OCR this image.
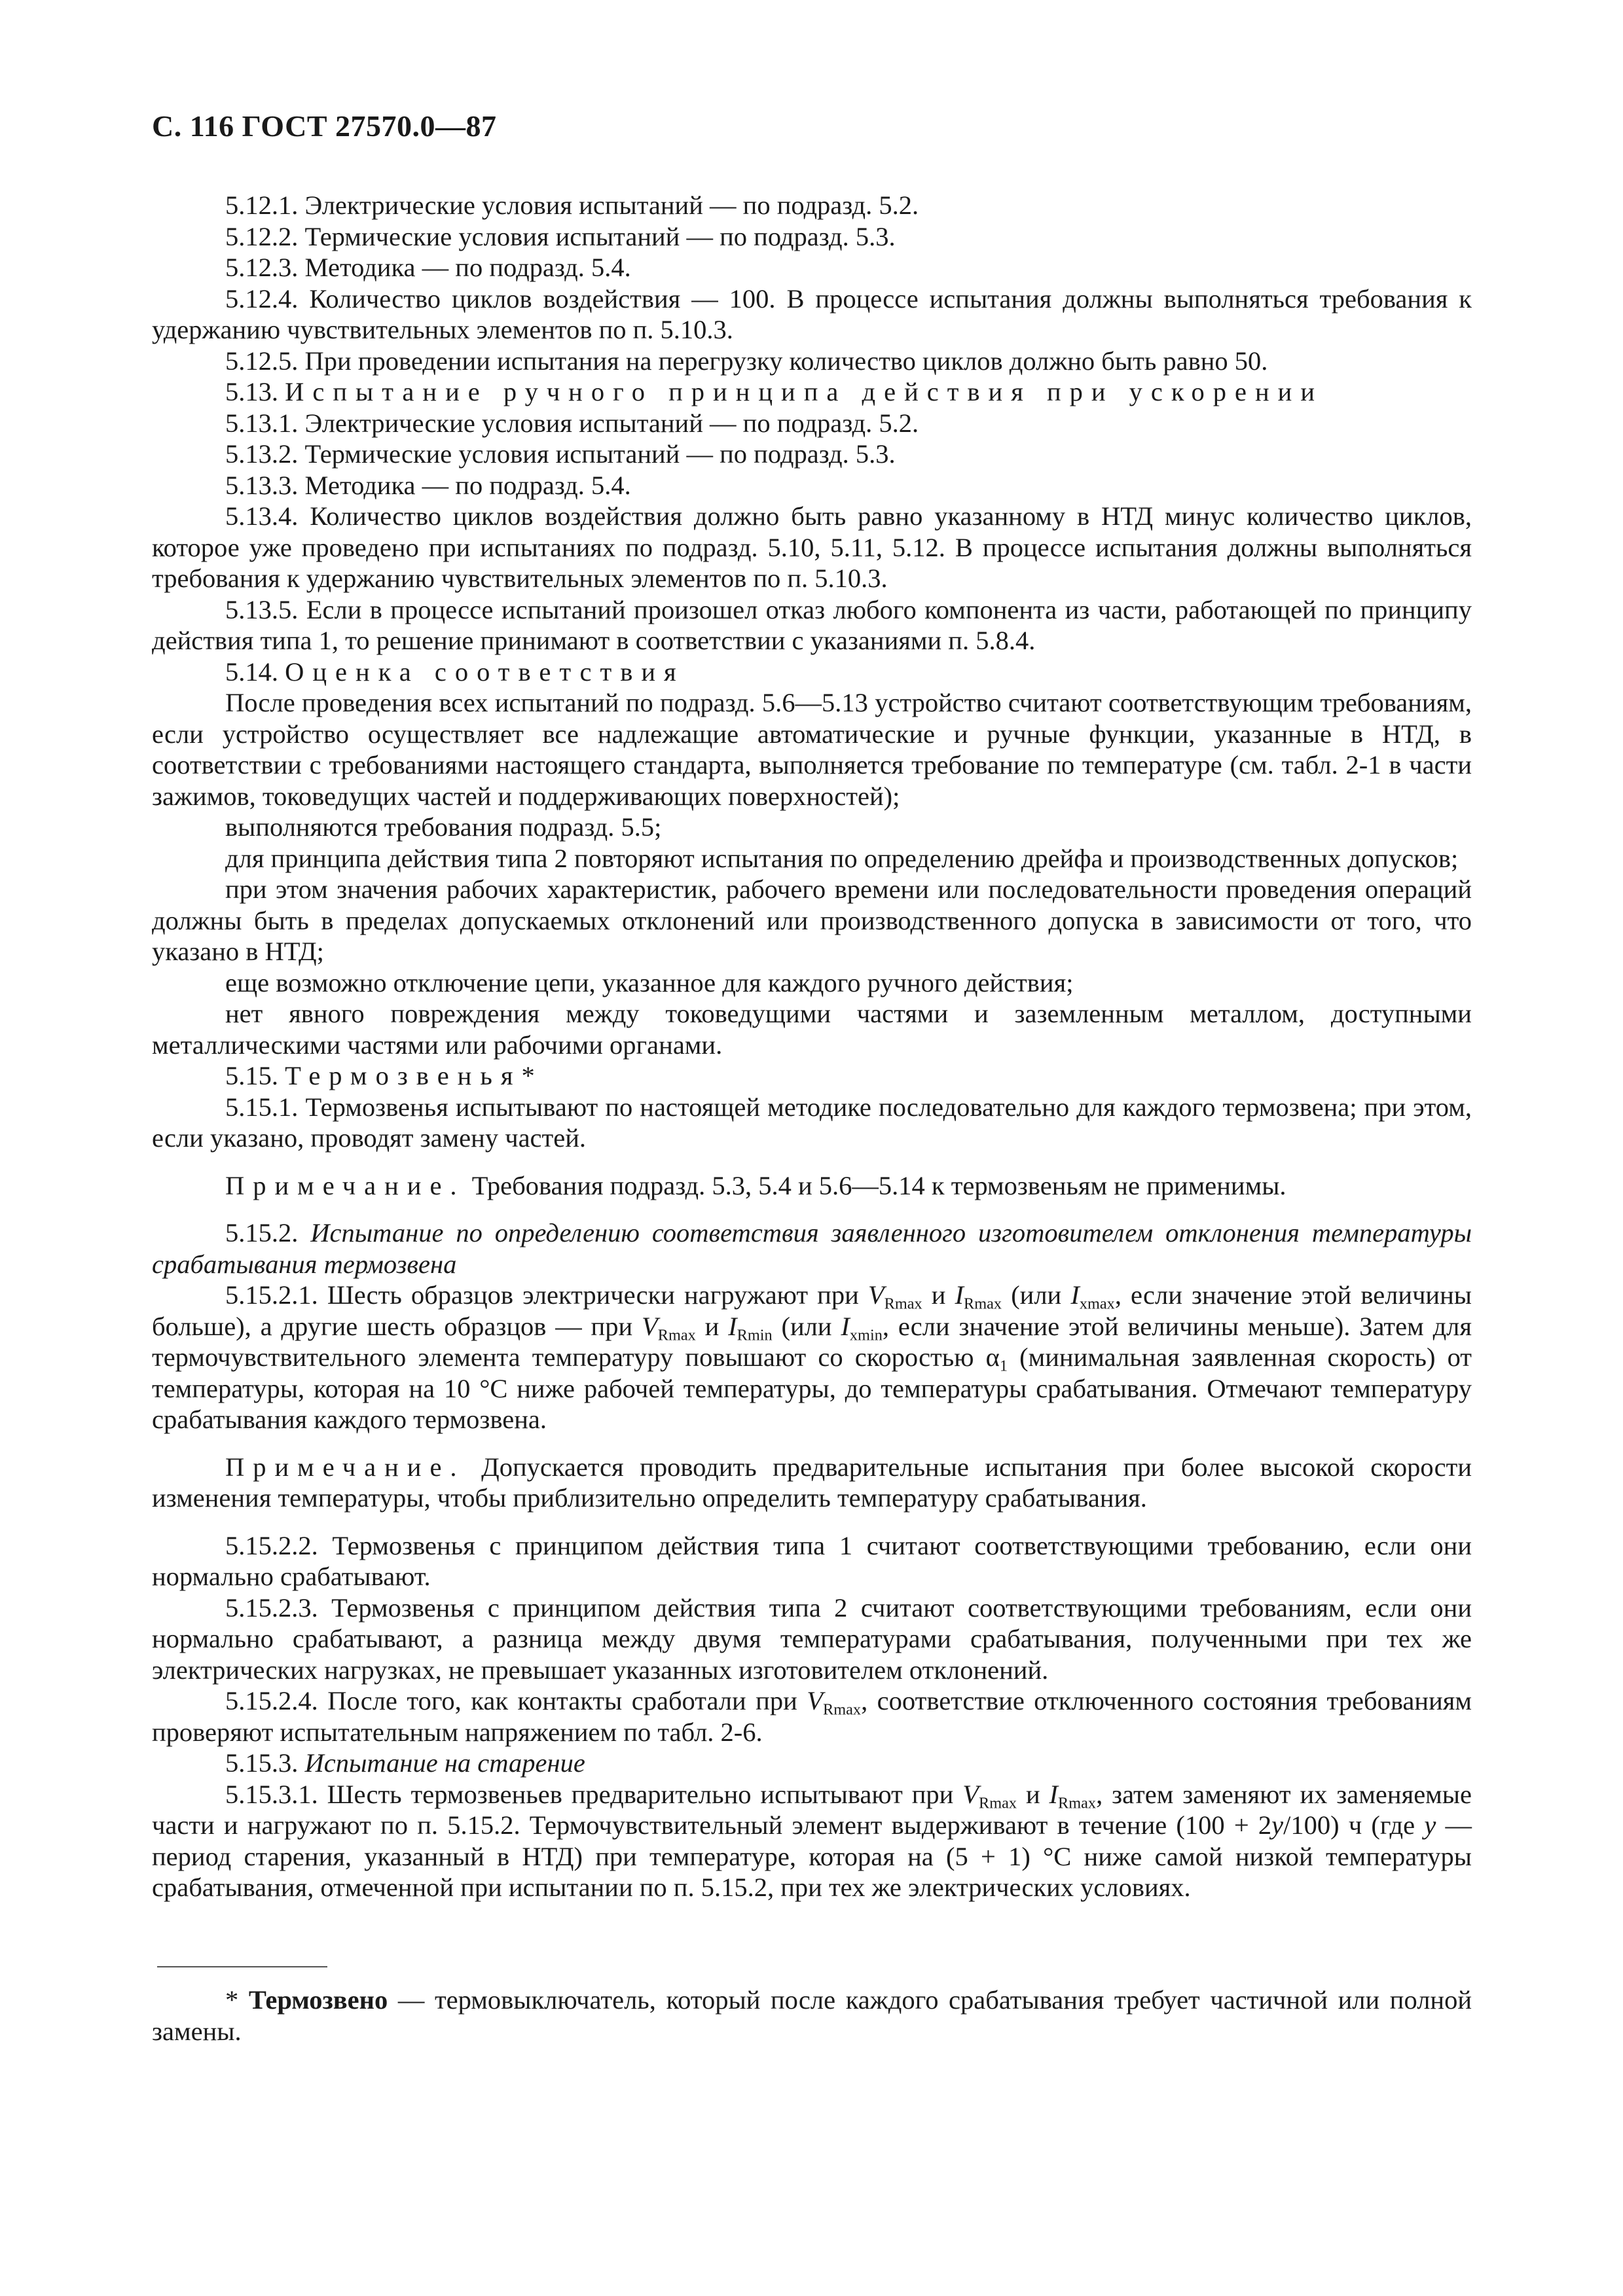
С. 116 ГОСТ 27570.0—87

5.12.1. Электрические условия испытаний — по подразд. 5.2.

5.12.2. Термические условия испытаний — по подразд. 5.3.

5.12.3. Методика — по подразд. 5.4.

5.12.4. Количество циклов воздействия — 100. В процессе испытания должны выполняться требования к удержанию чувствительных элементов по п. 5.10.3.

5.12.5. При проведении испытания на перегрузку количество циклов должно быть равно 50.

5.13. Испытание ручного принципа действия при ускорении

5.13.1. Электрические условия испытаний — по подразд. 5.2.

5.13.2. Термические условия испытаний — по подразд. 5.3.

5.13.3. Методика — по подразд. 5.4.

5.13.4. Количество циклов воздействия должно быть равно указанному в НТД минус количество циклов, которое уже проведено при испытаниях по подразд. 5.10, 5.11, 5.12. В процессе испытания должны выполняться требования к удержанию чувствительных элементов по п. 5.10.3.

5.13.5. Если в процессе испытаний произошел отказ любого компонента из части, работающей по принципу действия типа 1, то решение принимают в соответствии с указаниями п. 5.8.4.

5.14. Оценка соответствия

После проведения всех испытаний по подразд. 5.6—5.13 устройство считают соответствующим требованиям, если устройство осуществляет все надлежащие автоматические и ручные функции, указанные в НТД, в соответствии с требованиями настоящего стандарта, выполняется требование по температуре (см. табл. 2-1 в части зажимов, токоведущих частей и поддерживающих поверхностей);

выполняются требования подразд. 5.5;

для принципа действия типа 2 повторяют испытания по определению дрейфа и производственных допусков;

при этом значения рабочих характеристик, рабочего времени или последовательности проведения операций должны быть в пределах допускаемых отклонений или производственного допуска в зависимости от того, что указано в НТД;

еще возможно отключение цепи, указанное для каждого ручного действия;

нет явного повреждения между токоведущими частями и заземленным металлом, доступными металлическими частями или рабочими органами.

5.15. Термозвенья*

5.15.1. Термозвенья испытывают по настоящей методике последовательно для каждого термозвена; при этом, если указано, проводят замену частей.

Примечание. Требования подразд. 5.3, 5.4 и 5.6—5.14 к термозвеньям не применимы.

5.15.2. Испытание по определению соответствия заявленного изготовителем отклонения температуры срабатывания термозвена

5.15.2.1. Шесть образцов электрически нагружают при $V_{Rmax}$ и $I_{Rmax}$ (или $I_{xmax}$, если значение этой величины больше), а другие шесть образцов — при $V_{Rmax}$ и $I_{Rmin}$ (или $I_{xmin}$, если значение этой величины меньше). Затем для термочувствительного элемента температуру повышают со скоростью $\alpha_1$ (минимальная заявленная скорость) от температуры, которая на 10 °С ниже рабочей температуры, до температуры срабатывания. Отмечают температуру срабатывания каждого термозвена.

Примечание. Допускается проводить предварительные испытания при более высокой скорости изменения температуры, чтобы приблизительно определить температуру срабатывания.

5.15.2.2. Термозвенья с принципом действия типа 1 считают соответствующими требованию, если они нормально срабатывают.

5.15.2.3. Термозвенья с принципом действия типа 2 считают соответствующими требованиям, если они нормально срабатывают, а разница между двумя температурами срабатывания, полученными при тех же электрических нагрузках, не превышает указанных изготовителем отклонений.

5.15.2.4. После того, как контакты сработали при $V_{Rmax}$, соответствие отключенного состояния требованиям проверяют испытательным напряжением по табл. 2-6.

5.15.3. Испытание на старение

5.15.3.1. Шесть термозвеньев предварительно испытывают при $V_{Rmax}$ и $I_{Rmax}$, затем заменяют их заменяемые части и нагружают по п. 5.15.2. Термочувствительный элемент выдерживают в течение (100 + 2y/100) ч (где y — период старения, указанный в НТД) при температуре, которая на (5 + 1) °С ниже самой низкой температуры срабатывания, отмеченной при испытании по п. 5.15.2, при тех же электрических условиях.

* Термозвено — термовыключатель, который после каждого срабатывания требует частичной или полной замены.
